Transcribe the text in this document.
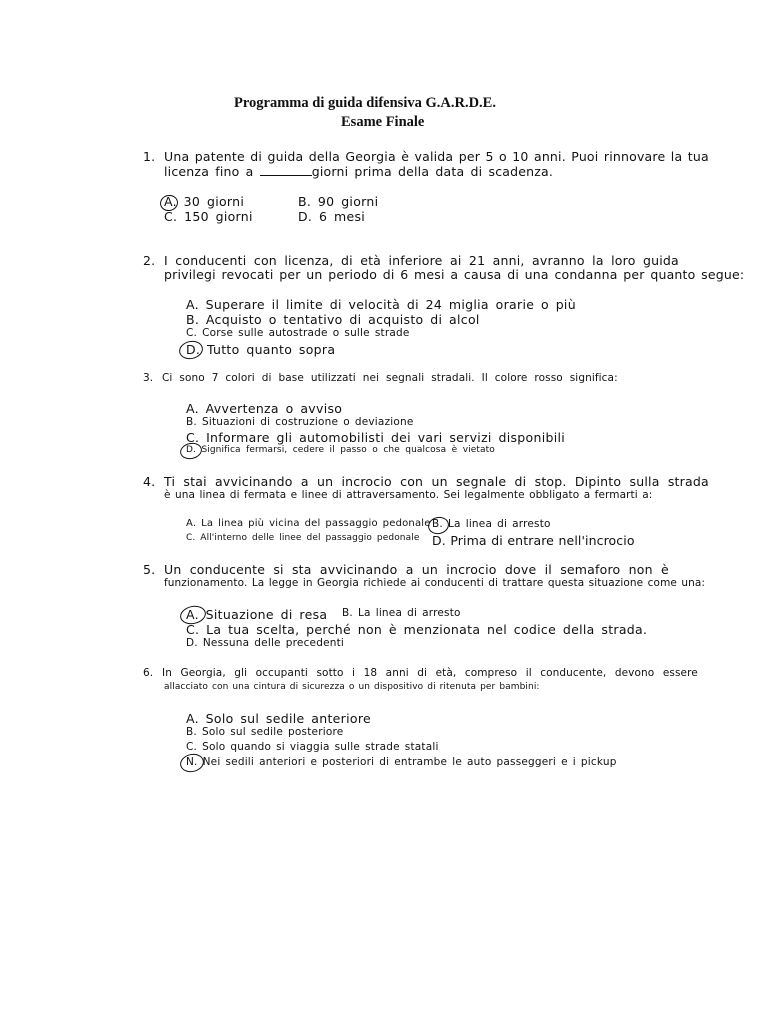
Programma di guida difensiva G.A.R.D.E.
Esame Finale
1. Una patente di guida della Georgia è valida per 5 o 10 anni. Puoi rinnovare la tua
licenza fino a	giorni prima della data di scadenza.
A. 30 giorni	B. 90 giorni
C. 150 giorni	D. 6 mesi
2. I conducenti con licenza, di età inferiore ai 21 anni, avranno la loro guida
privilegi revocati per un periodo di 6 mesi a causa di una condanna per quanto segue:
A. Superare il limite di velocità di 24 miglia orarie o più
B. Acquisto o tentativo di acquisto di alcol
C. Corse sulle autostrade o sulle strade
D. Tutto quanto sopra
3. Ci sono 7 colori di base utilizzati nei segnali stradali. Il colore rosso significa:
A. Avvertenza o avviso
B. Situazioni di costruzione o deviazione
C. Informare gli automobilisti dei vari servizi disponibili
D. Significa fermarsi, cedere il passo o che qualcosa è vietato
4. Ti stai avvicinando a un incrocio con un segnale di stop. Dipinto sulla strada
è una linea di fermata e linee di attraversamento. Sei legalmente obbligato a fermarti a:
A. La linea più vicina del passaggio pedonale B. La linea di arresto
C. All'interno delle linee del passaggio pedonale D. Prima di entrare nell'incrocio
5. Un conducente si sta avvicinando a un incrocio dove il semaforo non è
funzionamento. La legge in Georgia richiede ai conducenti di trattare questa situazione come una:
A. Situazione di resa B. La linea di arresto
C. La tua scelta, perché non è menzionata nel codice della strada.
D. Nessuna delle precedenti
6. In Georgia, gli occupanti sotto i 18 anni di età, compreso il conducente, devono essere
allacciato con una cintura di sicurezza o un dispositivo di ritenuta per bambini:
A. Solo sul sedile anteriore
B. Solo sul sedile posteriore
C. Solo quando si viaggia sulle strade statali
N. Nei sedili anteriori e posteriori di entrambe le auto passeggeri e i pickup
